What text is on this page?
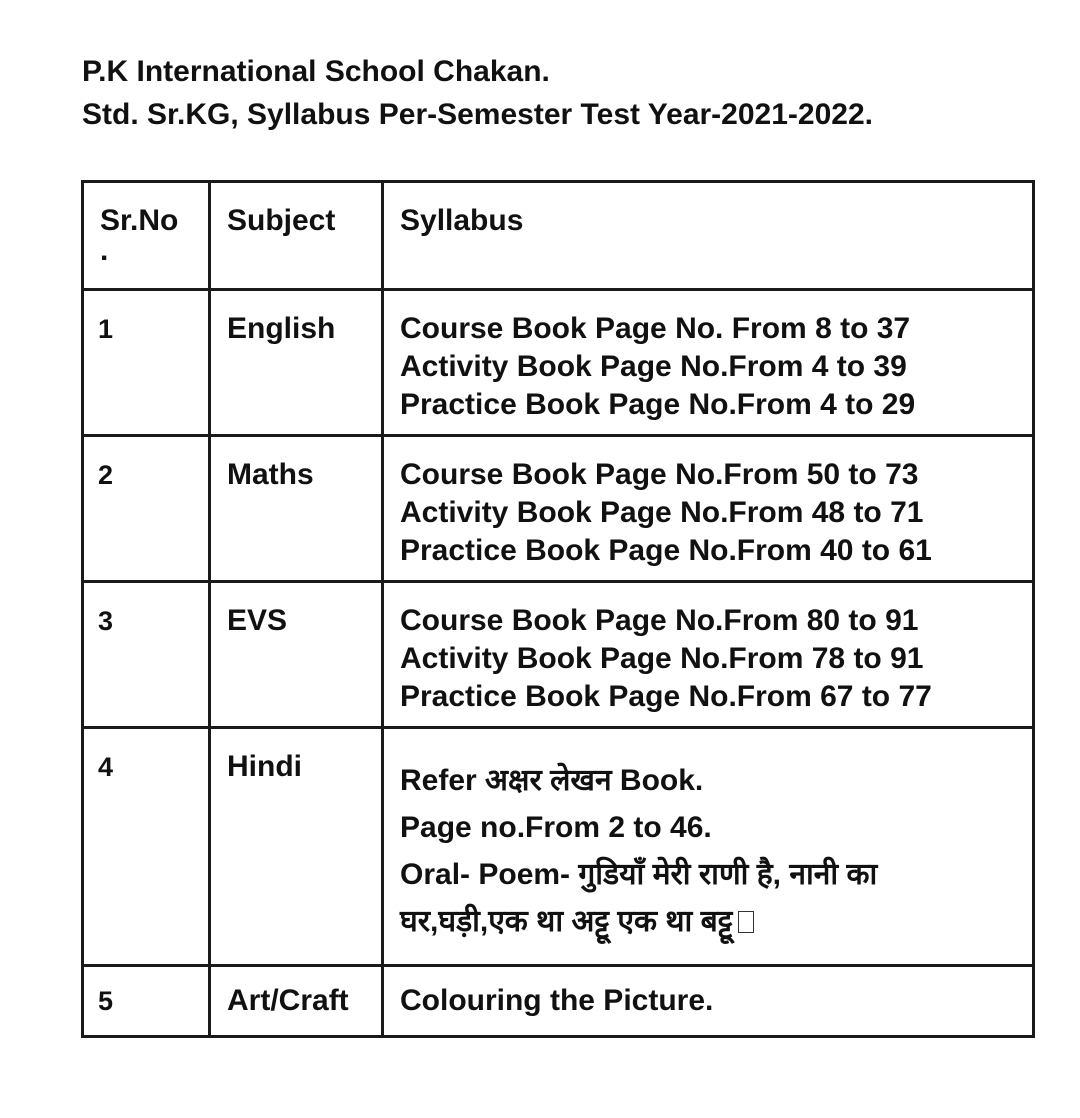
P.K International School Chakan.
Std. Sr.KG, Syllabus Per-Semester Test Year-2021-2022.
Sr.No
.	Subject	Syllabus
1	English	Course Book Page No. From 8 to 37
Activity Book Page No.From 4 to 39
Practice Book Page No.From 4 to 29

2	Maths	Course Book Page No.From 50 to 73
Activity Book Page No.From 48 to 71
Practice Book Page No.From 40 to 61

3	EVS	Course Book Page No.From 80 to 91
Activity Book Page No.From 78 to 91
Practice Book Page No.From 67 to 77

4	Hindi	Refer अक्षर लेखन Book.
Page no.From 2 to 46.
Oral- Poem- गुडियाँ मेरी राणी है, नानी का
घर,घड़ी,एक था अट्टू एक था बट्टू

5	Art/Craft	Colouring the Picture.
